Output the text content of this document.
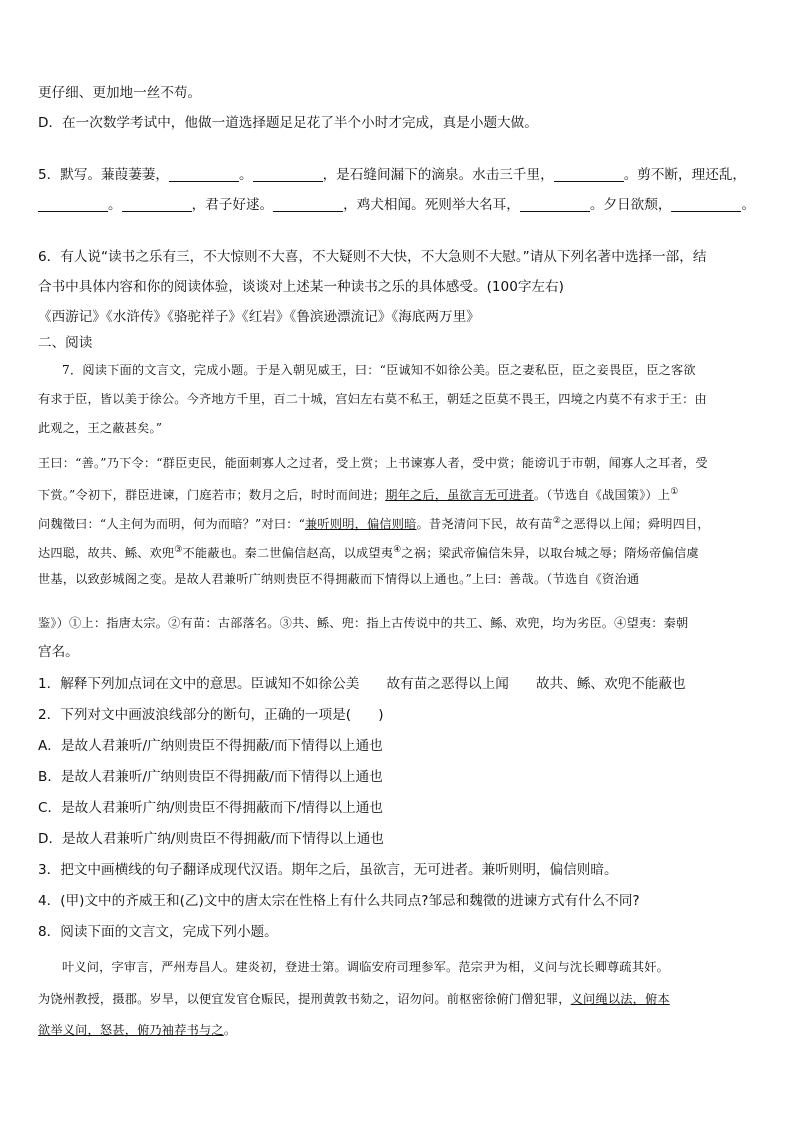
更仔细、更加地一丝不苟。
D．在一次数学考试中，他做一道选择题足足花了半个小时才完成，真是小题大做。
5．默写。蒹葭萋萋，	。	，是石缝间漏下的滴泉。水击三千里，	。剪不断，理还乱，
。	，君子好逑。	，鸡犬相闻。死则举大名耳，	。夕日欲颓，	。
6．有人说“读书之乐有三，不大惊则不大喜，不大疑则不大快，不大急则不大慰。”请从下列名著中选择一部，结
合书中具体内容和你的阅读体验，谈谈对上述某一种读书之乐的具体感受。(100字左右)
《西游记》《水浒传》《骆驼祥子》《红岩》《鲁滨逊漂流记》《海底两万里》
二、阅读
7．阅读下面的文言文，完成小题。于是入朝见威王，曰：“臣诚知不如徐公美。臣之妻私臣，臣之妾畏臣，臣之客欲
有求于臣，皆以美于徐公。今齐地方千里，百二十城，宫妇左右莫不私王，朝廷之臣莫不畏王，四境之内莫不有求于王：由
此观之，王之蔽甚矣。”
王曰：“善。”乃下令：“群臣吏民，能面刺寡人之过者，受上赏；上书谏寡人者，受中赏；能谤讥于市朝，闻寡人之耳者，受
下赏。”令初下，群臣进谏，门庭若市；数月之后，时时而间进；期年之后，虽欲言无可进者。（节选自《战国策》）上①
问魏徵曰：“人主何为而明，何为而暗？”对曰：“兼听则明，偏信则暗。昔尧清问下民，故有苗②之恶得以上闻；舜明四目，
达四聪，故共、鲧、欢兜③不能蔽也。秦二世偏信赵高，以成望夷④之祸；梁武帝偏信朱异，以取台城之辱；隋炀帝偏信虞
世基，以致彭城阁之变。是故人君兼听广纳则贵臣不得拥蔽而下情得以上通也。”上曰：善哉。（节选自《资治通
鉴》）①上：指唐太宗。②有苗：古部落名。③共、鲧、兜：指上古传说中的共工、鲧、欢兜，均为劣臣。④望夷：秦朝
宫名。
1．解释下列加点词在文中的意思。臣诚知不如徐公美　　故有苗之恶得以上闻　　故共、鲧、欢兜不能蔽也
2．下列对文中画波浪线部分的断句，正确的一项是(　　)
A．是故人君兼听/广纳则贵臣不得拥蔽/而下情得以上通也
B．是故人君兼听/广纳则贵臣不得拥蔽/而下情得以上通也
C．是故人君兼听广纳/则贵臣不得拥蔽而下/情得以上通也
D．是故人君兼听广纳/则贵臣不得拥蔽/而下情得以上通也
3．把文中画横线的句子翻译成现代汉语。期年之后，虽欲言，无可进者。兼听则明，偏信则暗。
4．(甲)文中的齐威王和(乙)文中的唐太宗在性格上有什么共同点?邹忌和魏徵的进谏方式有什么不同?
8．阅读下面的文言文，完成下列小题。
叶义问，字审言，严州寿昌人。建炎初，登进士第。调临安府司理参军。范宗尹为相，义问与沈长卿尊疏其奸。
为饶州教授，摄郡。岁旱，以便宜发官仓赈民，提刑黄敦书劾之，诏勿问。前枢密徐俯门僧犯罪，义问绳以法，俯本
欲举义问，怒甚，俯乃袖荐书与之。
